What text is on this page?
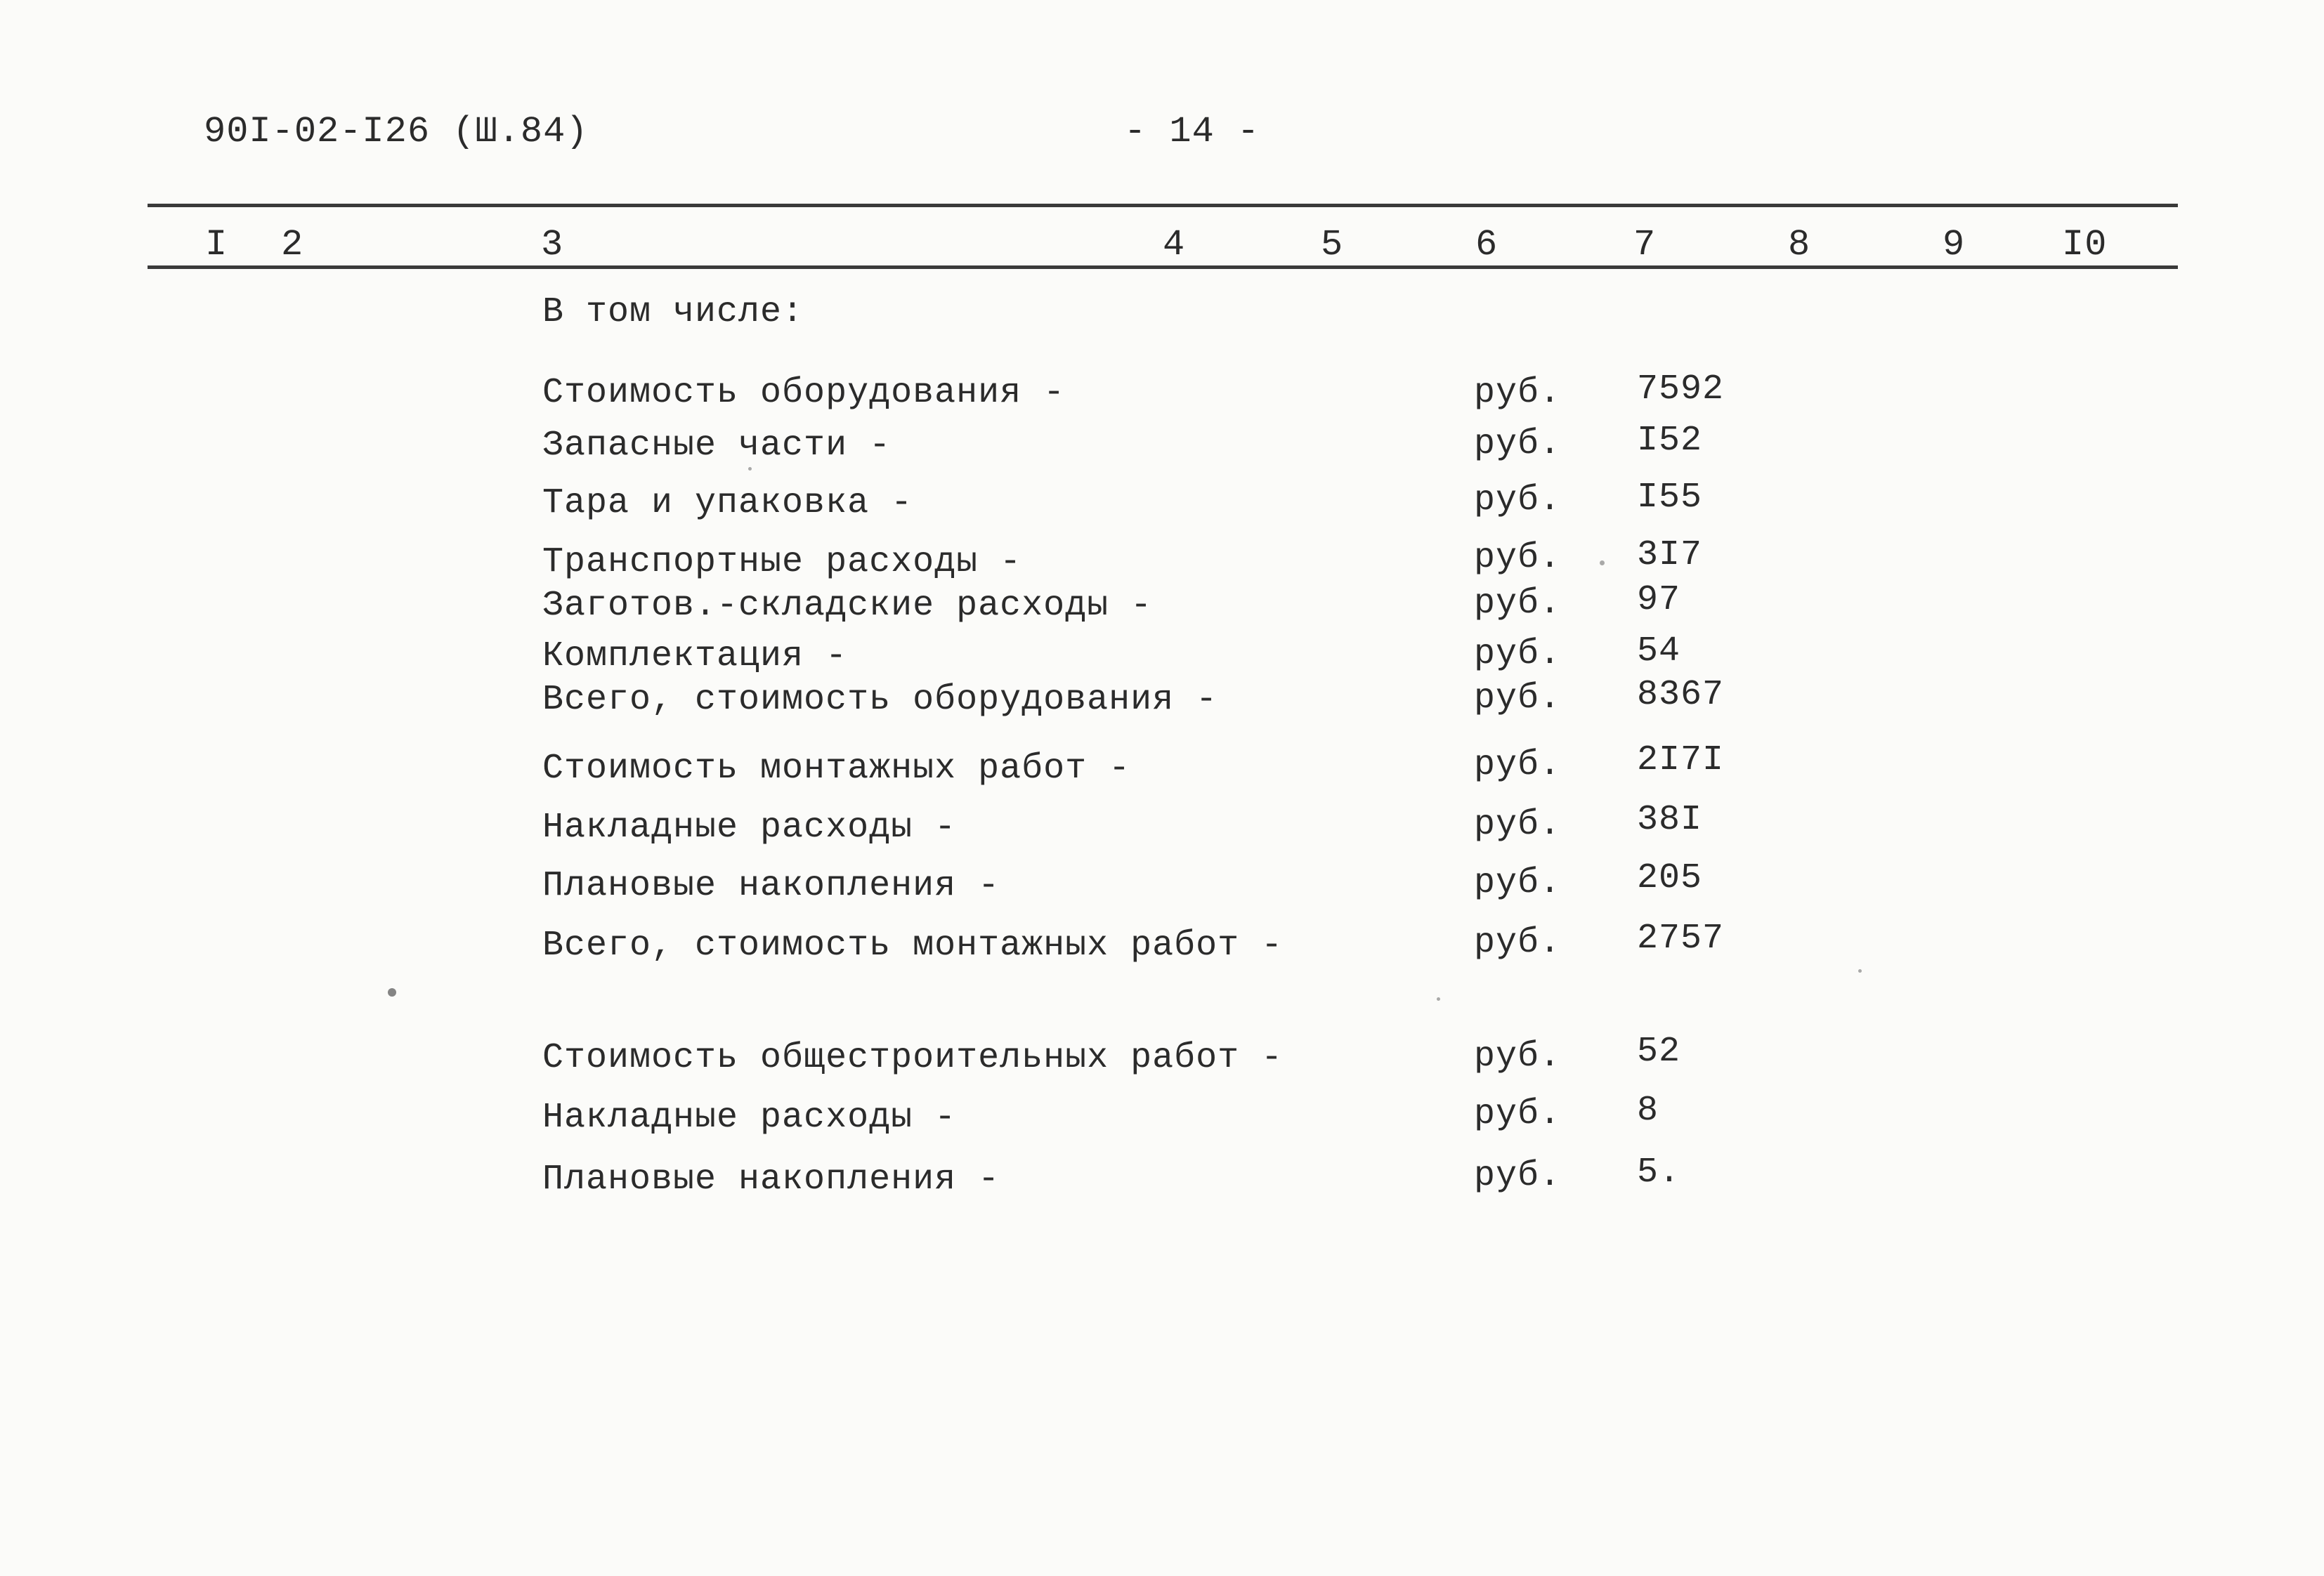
90I-02-I26 (Ш.84)	- 14 -
I 2	3	4	5	6	7	8	9	I0
В том числе:
Стоимость оборудования -	руб. 7592
Запасные части -	руб. I52
Тара и упаковка -	руб. I55
Транспортные расходы -	руб. 3I7
Заготов.-складские расходы -	руб. 97
Комплектация -	руб. 54
Всего, стоимость оборудования -	руб. 8367
Стоимость монтажных работ -	руб. 2I7I
Накладные расходы -	руб. 38I
Плановые накопления -	руб. 205
Всего, стоимость монтажных работ -	руб. 2757
Стоимость общестроительных работ -	руб. 52
Накладные расходы -	руб. 8
Плановые накопления -	руб. 5.
